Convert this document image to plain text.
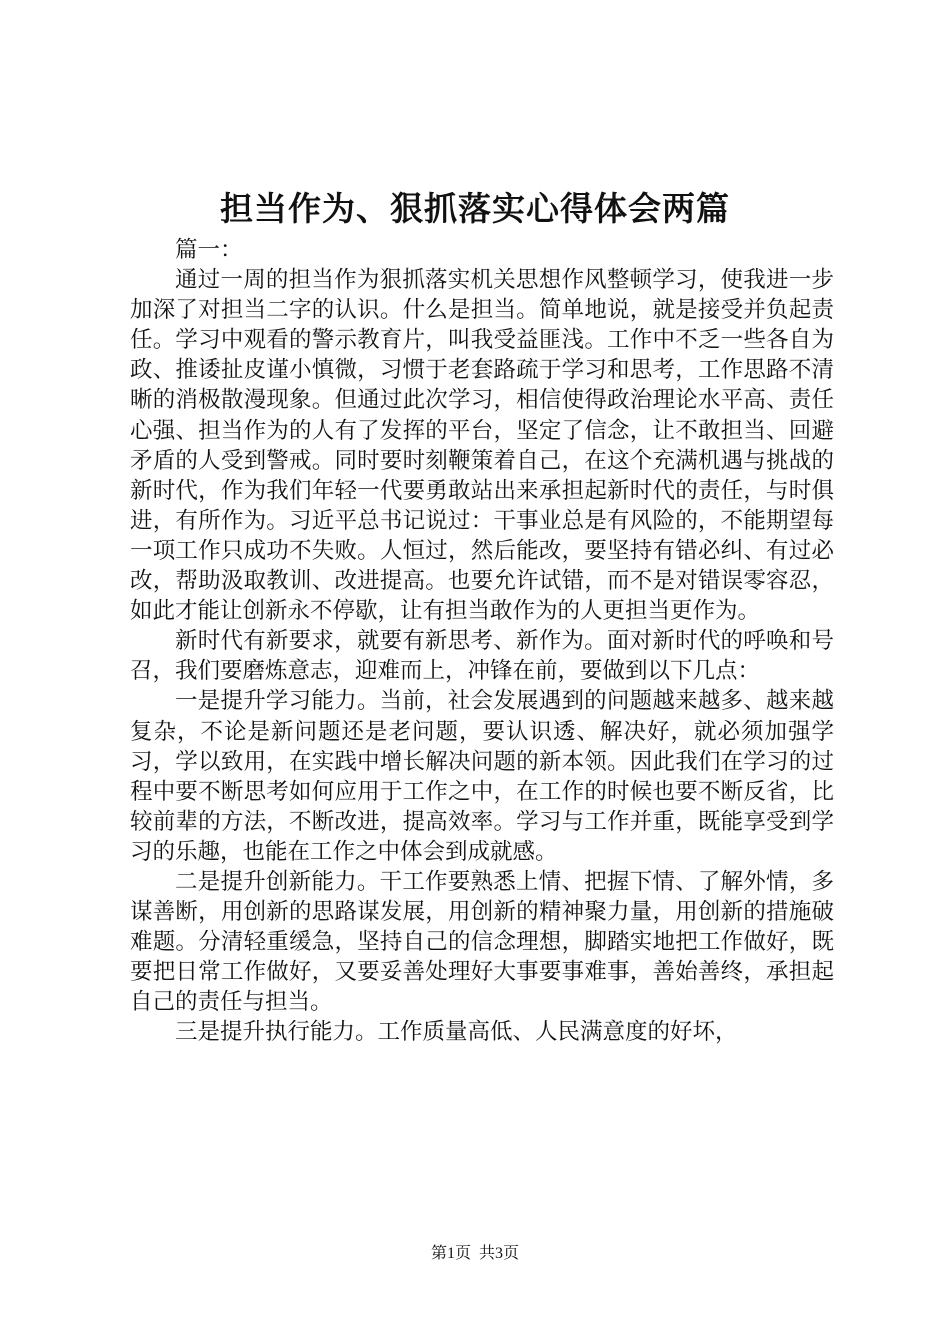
担当作为、狠抓落实心得体会两篇

篇一：

通过一周的担当作为狠抓落实机关思想作风整顿学习，使我进一步加深了对担当二字的认识。什么是担当。简单地说，就是接受并负起责任。学习中观看的警示教育片，叫我受益匪浅。工作中不乏一些各自为政、推诿扯皮谨小慎微，习惯于老套路疏于学习和思考，工作思路不清晰的消极散漫现象。但通过此次学习，相信使得政治理论水平高、责任心强、担当作为的人有了发挥的平台，坚定了信念，让不敢担当、回避矛盾的人受到警戒。同时要时刻鞭策着自己，在这个充满机遇与挑战的新时代，作为我们年轻一代要勇敢站出来承担起新时代的责任，与时俱进，有所作为。习近平总书记说过：干事业总是有风险的，不能期望每一项工作只成功不失败。人恒过，然后能改，要坚持有错必纠、有过必改，帮助汲取教训、改进提高。也要允许试错，而不是对错误零容忍，如此才能让创新永不停歇，让有担当敢作为的人更担当更作为。

新时代有新要求，就要有新思考、新作为。面对新时代的呼唤和号召，我们要磨炼意志，迎难而上，冲锋在前，要做到以下几点：

一是提升学习能力。当前，社会发展遇到的问题越来越多、越来越复杂，不论是新问题还是老问题，要认识透、解决好，就必须加强学习，学以致用，在实践中增长解决问题的新本领。因此我们在学习的过程中要不断思考如何应用于工作之中，在工作的时候也要不断反省，比较前辈的方法，不断改进，提高效率。学习与工作并重，既能享受到学习的乐趣，也能在工作之中体会到成就感。

二是提升创新能力。干工作要熟悉上情、把握下情、了解外情，多谋善断，用创新的思路谋发展，用创新的精神聚力量，用创新的措施破难题。分清轻重缓急，坚持自己的信念理想，脚踏实地把工作做好，既要把日常工作做好，又要妥善处理好大事要事难事，善始善终，承担起自己的责任与担当。

三是提升执行能力。工作质量高低、人民满意度的好坏，

第1页 共3页
